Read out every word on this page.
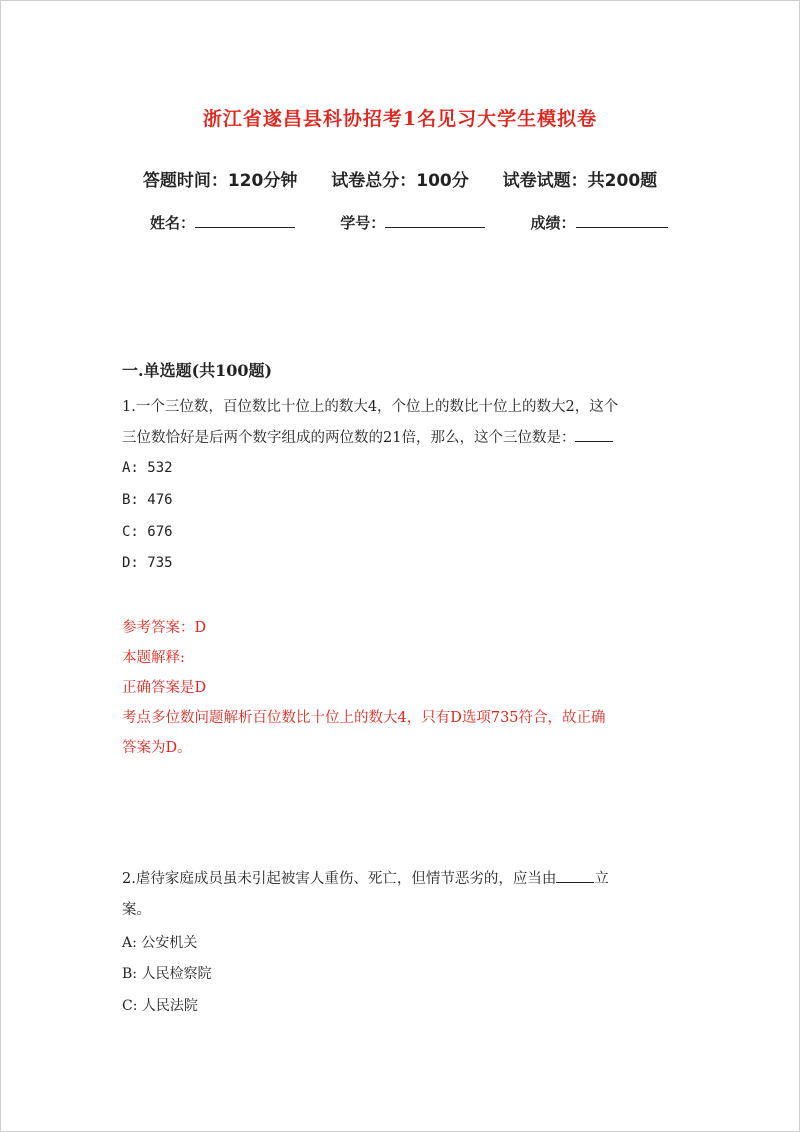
浙江省遂昌县科协招考1名见习大学生模拟卷
答题时间：120分钟 试卷总分：100分 试卷试题：共200题
姓名：	学号：	成绩：
一.单选题(共100题)
1.一个三位数，百位数比十位上的数大4，个位上的数比十位上的数大2，这个
三位数恰好是后两个数字组成的两位数的21倍，那么，这个三位数是：
A: 532
B: 476
C: 676
D: 735
参考答案：D
本题解释:
正确答案是D
考点多位数问题解析百位数比十位上的数大4，只有D选项735符合，故正确
答案为D。
2.虐待家庭成员虽未引起被害人重伤、死亡，但情节恶劣的，应当由	立
案。
A: 公安机关
B: 人民检察院
C: 人民法院
